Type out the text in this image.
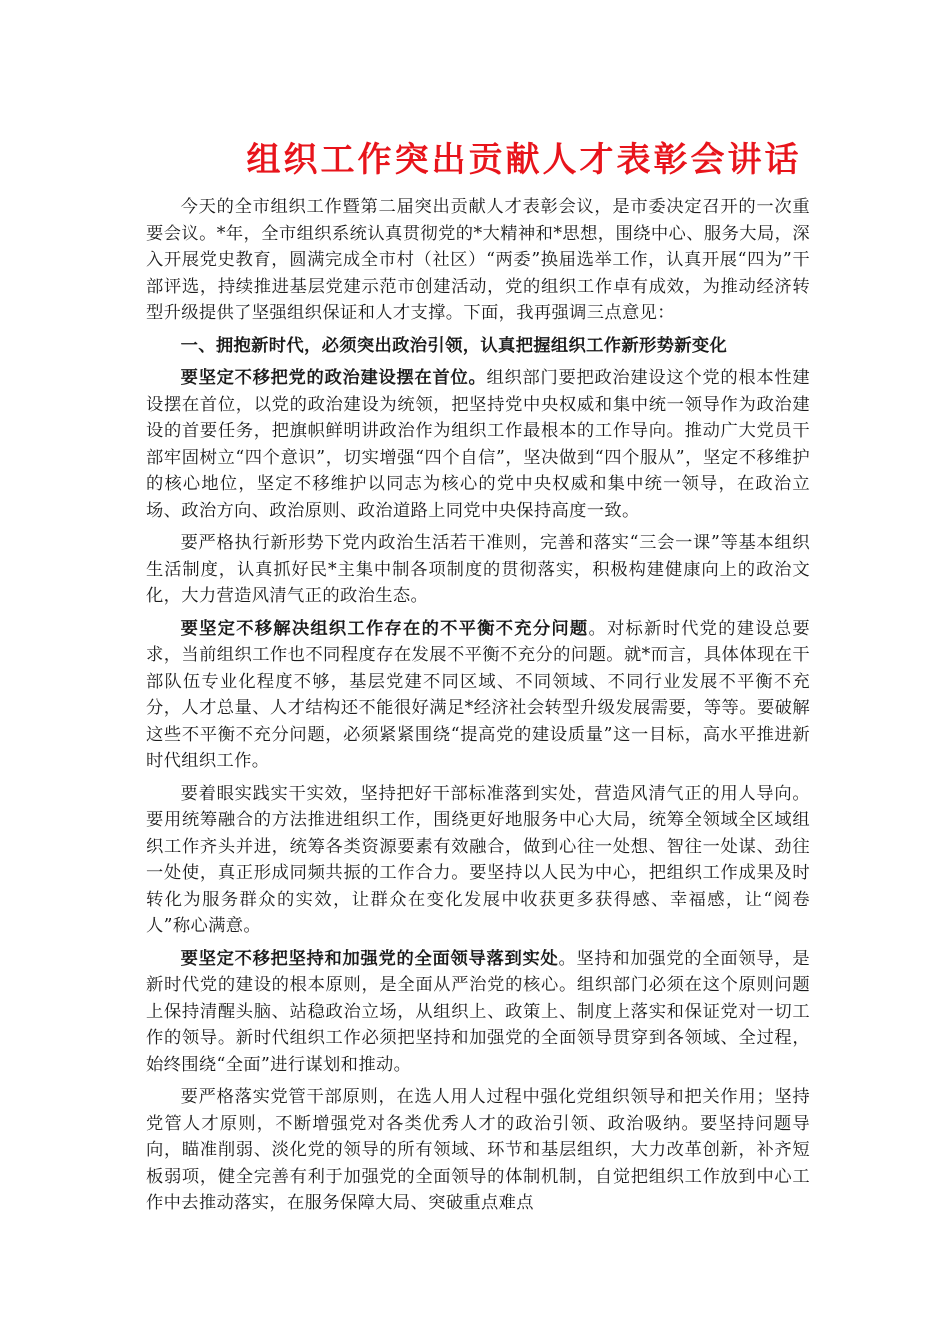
组织工作突出贡献人才表彰会讲话

今天的全市组织工作暨第二届突出贡献人才表彰会议，是市委决定召开的一次重要会议。*年，全市组织系统认真贯彻党的*大精神和*思想，围绕中心、服务大局，深入开展党史教育，圆满完成全市村（社区）“两委”换届选举工作，认真开展“四为”干部评选，持续推进基层党建示范市创建活动，党的组织工作卓有成效，为推动经济转型升级提供了坚强组织保证和人才支撑。下面，我再强调三点意见：

一、拥抱新时代，必须突出政治引领，认真把握组织工作新形势新变化

要坚定不移把党的政治建设摆在首位。组织部门要把政治建设这个党的根本性建设摆在首位，以党的政治建设为统领，把坚持党中央权威和集中统一领导作为政治建设的首要任务，把旗帜鲜明讲政治作为组织工作最根本的工作导向。推动广大党员干部牢固树立“四个意识”，切实增强“四个自信”，坚决做到“四个服从”，坚定不移维护的核心地位，坚定不移维护以同志为核心的党中央权威和集中统一领导，在政治立场、政治方向、政治原则、政治道路上同党中央保持高度一致。

要严格执行新形势下党内政治生活若干准则，完善和落实“三会一课”等基本组织生活制度，认真抓好民*主集中制各项制度的贯彻落实，积极构建健康向上的政治文化，大力营造风清气正的政治生态。

要坚定不移解决组织工作存在的不平衡不充分问题。对标新时代党的建设总要求，当前组织工作也不同程度存在发展不平衡不充分的问题。就*而言，具体体现在干部队伍专业化程度不够，基层党建不同区域、不同领域、不同行业发展不平衡不充分，人才总量、人才结构还不能很好满足*经济社会转型升级发展需要，等等。要破解这些不平衡不充分问题，必须紧紧围绕“提高党的建设质量”这一目标，高水平推进新时代组织工作。

要着眼实践实干实效，坚持把好干部标准落到实处，营造风清气正的用人导向。要用统筹融合的方法推进组织工作，围绕更好地服务中心大局，统筹全领域全区域组织工作齐头并进，统筹各类资源要素有效融合，做到心往一处想、智往一处谋、劲往一处使，真正形成同频共振的工作合力。要坚持以人民为中心，把组织工作成果及时转化为服务群众的实效，让群众在变化发展中收获更多获得感、幸福感，让“阅卷人”称心满意。

要坚定不移把坚持和加强党的全面领导落到实处。坚持和加强党的全面领导，是新时代党的建设的根本原则，是全面从严治党的核心。组织部门必须在这个原则问题上保持清醒头脑、站稳政治立场，从组织上、政策上、制度上落实和保证党对一切工作的领导。新时代组织工作必须把坚持和加强党的全面领导贯穿到各领域、全过程，始终围绕“全面”进行谋划和推动。

要严格落实党管干部原则，在选人用人过程中强化党组织领导和把关作用；坚持党管人才原则，不断增强党对各类优秀人才的政治引领、政治吸纳。要坚持问题导向，瞄准削弱、淡化党的领导的所有领域、环节和基层组织，大力改革创新，补齐短板弱项，健全完善有利于加强党的全面领导的体制机制，自觉把组织工作放到中心工作中去推动落实，在服务保障大局、突破重点难点
